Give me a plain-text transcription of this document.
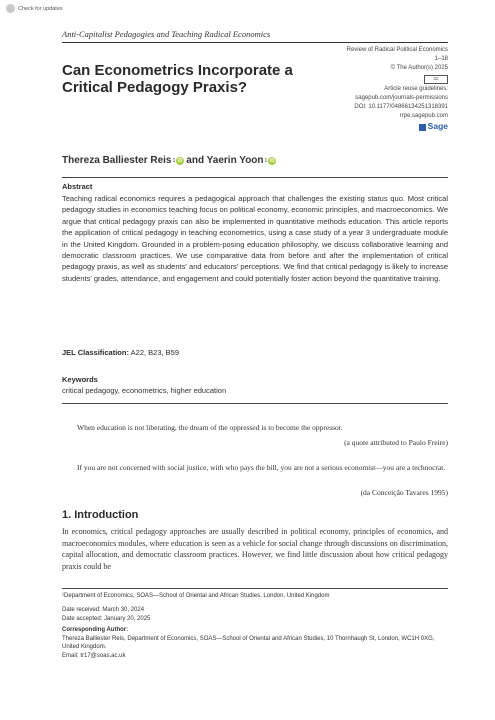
Check for updates
Anti-Capitalist Pedagogies and Teaching Radical Economics
Can Econometrics Incorporate a Critical Pedagogy Praxis?
Review of Radical Political Economics
1–18
© The Author(s) 2025
cc
Article reuse guidelines:
sagepub.com/journals-permissions
DOI: 10.1177/04866134251318391
rrpe.sagepub.com
Sage
Thereza Balliester Reis 1 iD and Yaerin Yoon 1 iD
Abstract
Teaching radical economics requires a pedagogical approach that challenges the existing status quo. Most critical pedagogy studies in economics teaching focus on political economy, economic principles, and macroeconomics. We argue that critical pedagogy praxis can also be implemented in quantitative methods education. This article reports the application of critical pedagogy in teaching econometrics, using a case study of a year 3 undergraduate module in the United Kingdom. Grounded in a problem-posing education philosophy, we discuss collaborative learning and democratic classroom practices. We use comparative data from before and after the implementation of critical pedagogy praxis, as well as students' and educators' perceptions. We find that critical pedagogy is likely to increase students' grades, attendance, and engagement and could potentially foster action beyond the quantitative training.
JEL Classification: A22, B23, B59
Keywords
critical pedagogy, econometrics, higher education
When education is not liberating, the dream of the oppressed is to become the oppressor.
(a quote attributed to Paulo Freire)
If you are not concerned with social justice, with who pays the bill, you are not a serious economist—you are a technocrat.
(da Conceição Tavares 1995)
1. Introduction
In economics, critical pedagogy approaches are usually described in political economy, principles of economics, and macroeconomics modules, where education is seen as a vehicle for social change through discussions on discrimination, capital allocation, and democratic classroom practices. However, we find little discussion about how critical pedagogy praxis could be
¹Department of Economics, SOAS—School of Oriental and African Studies, London, United Kingdom
Date received: March 30, 2024
Date accepted: January 20, 2025
Corresponding Author:
Thereza Balliester Reis, Department of Economics, SOAS—School of Oriental and African Studies, 10 Thornhaugh St, London, WC1H 0XG, United Kingdom.
Email: tr17@soas.ac.uk
